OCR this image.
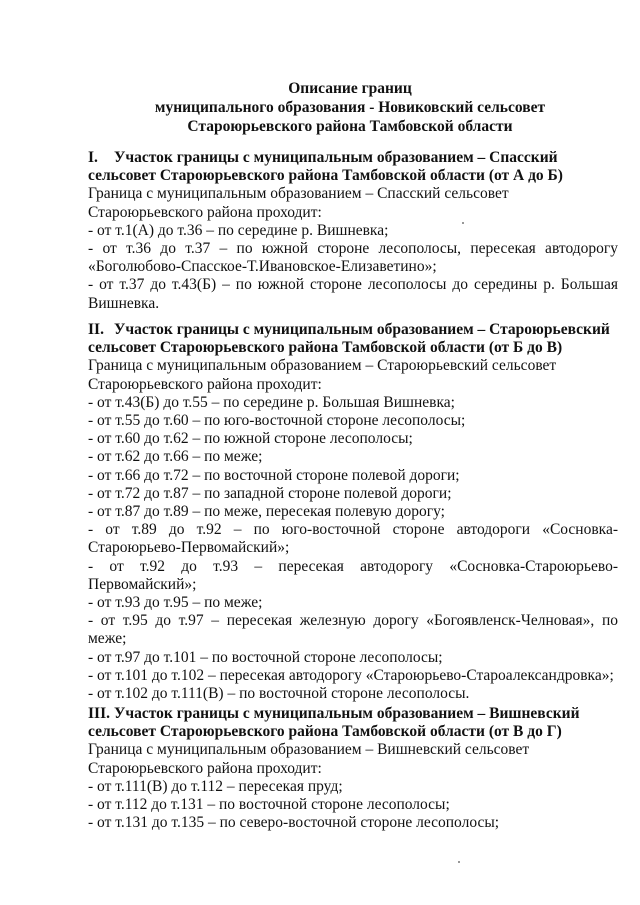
Описание границ
муниципального образования - Новиковский сельсовет
Староюрьевского района Тамбовской области
I. Участок границы с муниципальным образованием – Спасский
сельсовет Староюрьевского района Тамбовской области (от А до Б)
Граница с муниципальным образованием – Спасский сельсовет
Староюрьевского района проходит:
- от т.1(А) до т.36 – по середине р. Вишневка;
- от т.36 до т.37 – по южной стороне лесополосы, пересекая автодорогу «Боголюбово-Спасское-Т.Ивановское-Елизаветино»;
- от т.37 до т.43(Б) – по южной стороне лесополосы до середины р. Большая Вишневка.
II. Участок границы с муниципальным образованием – Староюрьевский
сельсовет Староюрьевского района Тамбовской области (от Б до В)
Граница с муниципальным образованием – Староюрьевский сельсовет
Староюрьевского района проходит:
- от т.43(Б) до т.55 – по середине р. Большая Вишневка;
- от т.55 до т.60 – по юго-восточной стороне лесополосы;
- от т.60 до т.62 – по южной стороне лесополосы;
- от т.62 до т.66 – по меже;
- от т.66 до т.72 – по восточной стороне полевой дороги;
- от т.72 до т.87 – по западной стороне полевой дороги;
- от т.87 до т.89 – по меже, пересекая полевую дорогу;
- от т.89 до т.92 – по юго-восточной стороне автодороги «Сосновка-Староюрьево-Первомайский»;
- от т.92 до т.93 – пересекая автодорогу «Сосновка-Староюрьево-Первомайский»;
- от т.93 до т.95 – по меже;
- от т.95 до т.97 – пересекая железную дорогу «Богоявленск-Челновая», по меже;
- от т.97 до т.101 – по восточной стороне лесополосы;
- от т.101 до т.102 – пересекая автодорогу «Староюрьево-Староалександровка»;
- от т.102 до т.111(В) – по восточной стороне лесополосы.
III. Участок границы с муниципальным образованием – Вишневский
сельсовет Староюрьевского района Тамбовской области (от В до Г)
Граница с муниципальным образованием – Вишневский сельсовет
Староюрьевского района проходит:
- от т.111(В) до т.112 – пересекая пруд;
- от т.112 до т.131 – по восточной стороне лесополосы;
- от т.131 до т.135 – по северо-восточной стороне лесополосы;
